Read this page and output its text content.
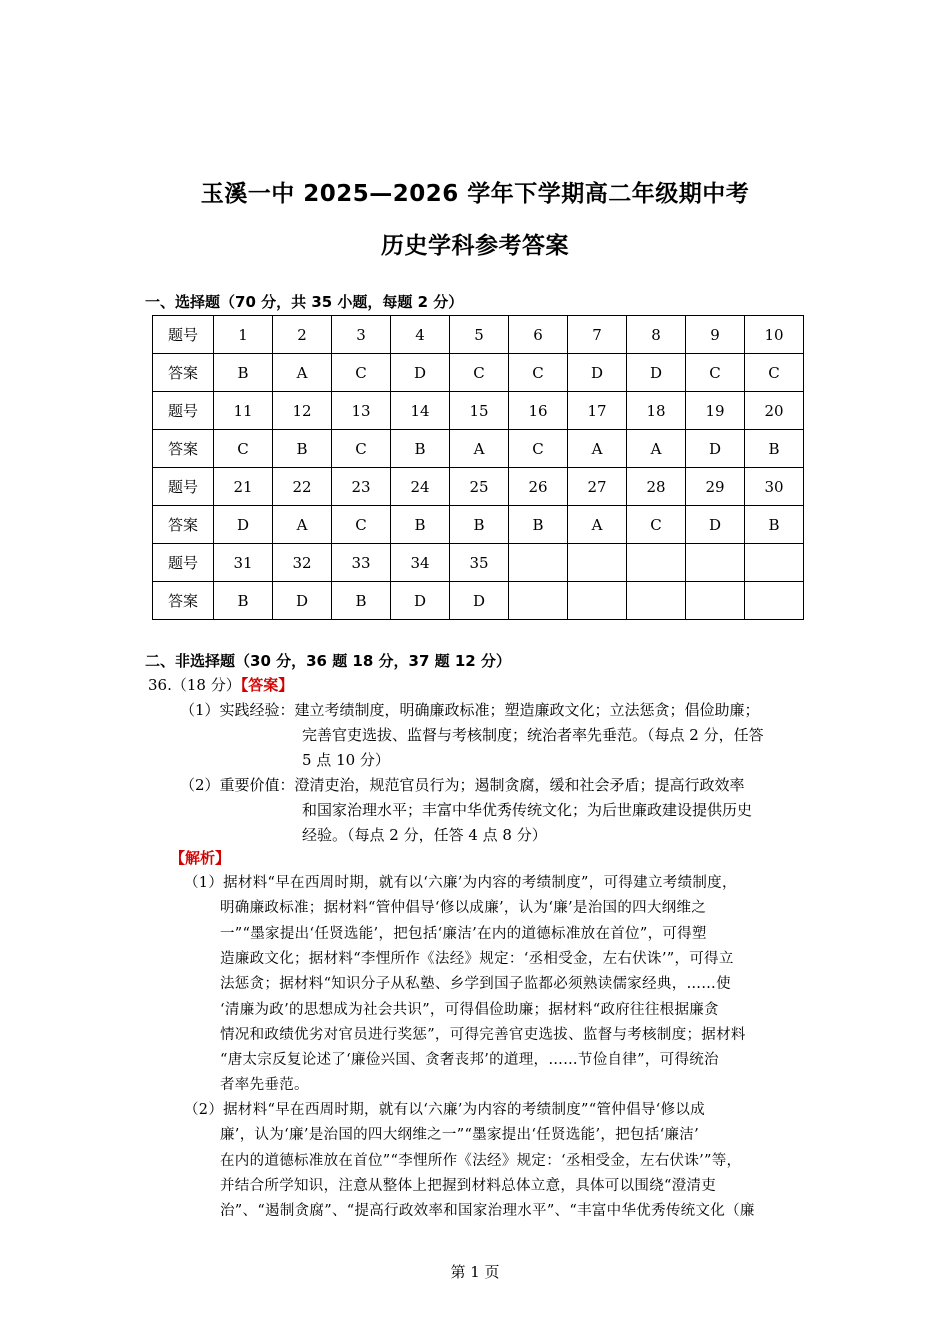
玉溪一中 2025—2026 学年下学期高二年级期中考
历史学科参考答案
一、选择题（70 分，共 35 小题，每题 2 分）
题号	1	2	3	4	5	6	7	8	9	10
答案	B	A	C	D	C	C	D	D	C	C
题号	11	12	13	14	15	16	17	18	19	20
答案	C	B	C	B	A	C	A	A	D	B
题号	21	22	23	24	25	26	27	28	29	30
答案	D	A	C	B	B	B	A	C	D	B
题号	31	32	33	34	35					
答案	B	D	B	D	D					
二、非选择题（30 分，36 题 18 分，37 题 12 分）
36.（18 分）【答案】
（1）实践经验：建立考绩制度，明确廉政标准；塑造廉政文化；立法惩贪；倡俭助廉；
完善官吏选拔、监督与考核制度；统治者率先垂范。（每点 2 分，任答
5 点 10 分）
（2）重要价值：澄清吏治，规范官员行为；遏制贪腐，缓和社会矛盾；提高行政效率
和国家治理水平；丰富中华优秀传统文化；为后世廉政建设提供历史
经验。（每点 2 分，任答 4 点 8 分）
【解析】
（1）据材料“早在西周时期，就有以‘六廉’为内容的考绩制度”，可得建立考绩制度，
明确廉政标准；据材料“管仲倡导‘修以成廉’，认为‘廉’是治国的四大纲维之
一”“墨家提出‘任贤选能’，把包括‘廉洁’在内的道德标准放在首位”，可得塑
造廉政文化；据材料“李悝所作《法经》规定：‘丞相受金，左右伏诛’”，可得立
法惩贪；据材料“知识分子从私塾、乡学到国子监都必须熟读儒家经典，……使
‘清廉为政’的思想成为社会共识”，可得倡俭助廉；据材料“政府往往根据廉贪
情况和政绩优劣对官员进行奖惩”，可得完善官吏选拔、监督与考核制度；据材料
“唐太宗反复论述了‘廉俭兴国、贪奢丧邦’的道理，……节俭自律”，可得统治
者率先垂范。
（2）据材料“早在西周时期，就有以‘六廉’为内容的考绩制度”“管仲倡导‘修以成
廉’，认为‘廉’是治国的四大纲维之一”“墨家提出‘任贤选能’，把包括‘廉洁’
在内的道德标准放在首位”“李悝所作《法经》规定：‘丞相受金，左右伏诛’”等，
并结合所学知识，注意从整体上把握到材料总体立意，具体可以围绕“澄清吏
治”、“遏制贪腐”、“提高行政效率和国家治理水平”、“丰富中华优秀传统文化（廉
第 1 页
